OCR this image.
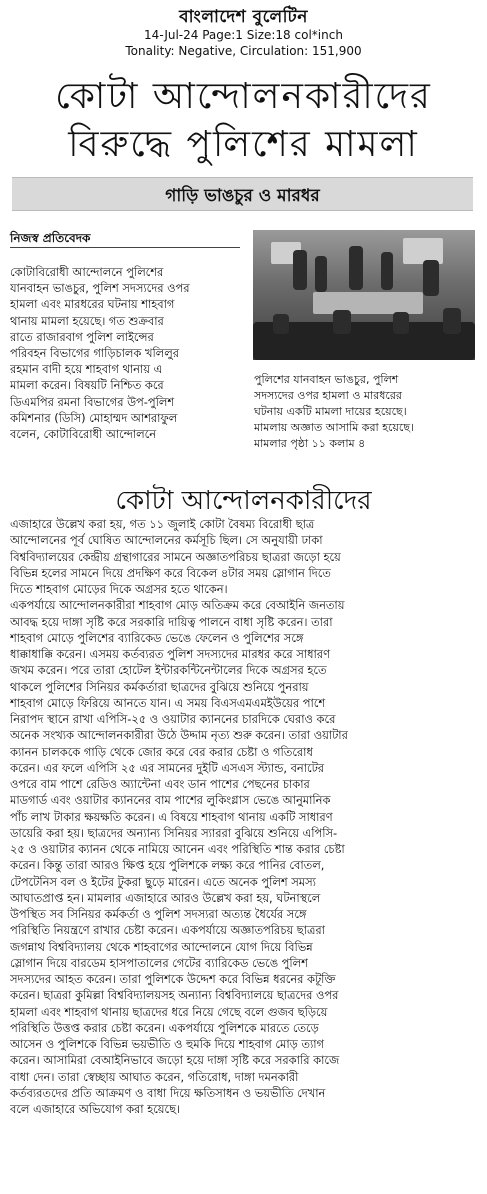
বাংলাদেশ বুলেটিন
14-Jul-24 Page:1 Size:18 col*inch
Tonality: Negative, Circulation: 151,900
কোটা আন্দোলনকারীদের
বিরুদ্ধে পুলিশের মামলা
গাড়ি ভাঙচুর ও মারধর
নিজস্ব প্রতিবেদক
কোটাবিরোধী আন্দোলনে পুলিশের
যানবাহন ভাঙচুর, পুলিশ সদস্যদের ওপর
হামলা এবং মারধরের ঘটনায় শাহবাগ
থানায় মামলা হয়েছে। গত শুক্রবার
রাতে রাজারবাগ পুলিশ লাইন্সের
পরিবহন বিভাগের গাড়িচালক খলিলুর
রহমান বাদী হয়ে শাহবাগ থানায় এ
মামলা করেন। বিষয়টি নিশ্চিত করে
ডিএমপির রমনা বিভাগের উপ-পুলিশ
কমিশনার (ডিসি) মোহাম্মদ আশরাফুল
বলেন, কোটাবিরোধী আন্দোলনে
পুলিশের যানবাহন ভাঙচুর, পুলিশ
সদস্যদের ওপর হামলা ও মারধরের
ঘটনায় একটি মামলা দায়ের হয়েছে।
মামলায় অজ্ঞাত আসামি করা হয়েছে।
মামলার পৃষ্ঠা ১১ কলাম ৪
কোটা আন্দোলনকারীদের
এজাহারে উল্লেখ করা হয়, গত ১১ জুলাই কোটা বৈষম্য বিরোধী ছাত্র
আন্দোলনের পূর্ব ঘোষিত আন্দোলনের কর্মসূচি ছিল। সে অনুযায়ী ঢাকা
বিশ্ববিদ্যালয়ের কেন্দ্রীয় গ্রন্থাগারের সামনে অজ্ঞাতপরিচয় ছাত্ররা জড়ো হয়ে
বিভিন্ন হলের সামনে দিয়ে প্রদক্ষিণ করে বিকেল ৪টার সময় স্লোগান দিতে
দিতে শাহবাগ মোড়ের দিকে অগ্রসর হতে থাকেন।
একপর্যায়ে আন্দোলনকারীরা শাহবাগ মোড় অতিক্রম করে বেআইনি জনতায়
আবদ্ধ হয়ে দাঙ্গা সৃষ্টি করে সরকারি দায়িত্ব পালনে বাধা সৃষ্টি করেন। তারা
শাহবাগ মোড়ে পুলিশের ব্যারিকেড ভেঙে ফেলেন ও পুলিশের সঙ্গে
ধাক্কাধাক্কি করেন। এসময় কর্তব্যরত পুলিশ সদস্যদের মারধর করে সাধারণ
জখম করেন। পরে তারা হোটেল ইন্টারকন্টিনেন্টালের দিকে অগ্রসর হতে
থাকলে পুলিশের সিনিয়র কর্মকর্তারা ছাত্রদের বুঝিয়ে শুনিয়ে পুনরায়
শাহবাগ মোড়ে ফিরিয়ে আনতে যান। এ সময় বিএসএমএমইউয়ের পাশে
নিরাপদ স্থানে রাখা এপিসি-২৫ ও ওয়াটার ক্যাননের চারদিকে ঘেরাও করে
অনেক সংখ্যক আন্দোলনকারীরা উঠে উদ্দাম নৃত্য শুরু করেন। তারা ওয়াটার
ক্যানন চালককে গাড়ি থেকে জোর করে বের করার চেষ্টা ও গতিরোধ
করেন। এর ফলে এপিসি ২৫ এর সামনের দুইটি এসএস স্ট্যান্ড, বনাটের
ওপরে বাম পাশে রেডিও অ্যান্টেনা এবং ডান পাশের পেছনের চাকার
মাডগার্ড এবং ওয়াটার ক্যাননের বাম পাশের লুকিংগ্লাস ভেঙে আনুমানিক
পাঁচ লাখ টাকার ক্ষয়ক্ষতি করেন। এ বিষয়ে শাহবাগ থানায় একটি সাধারণ
ডায়েরি করা হয়। ছাত্রদের অন্যান্য সিনিয়র স্যাররা বুঝিয়ে শুনিয়ে এপিসি-
২৫ ও ওয়াটার ক্যানন থেকে নামিয়ে আনেন এবং পরিস্থিতি শান্ত করার চেষ্টা
করেন। কিন্তু তারা আরও ক্ষিপ্ত হয়ে পুলিশকে লক্ষ্য করে পানির বোতল,
টেপটেনিস বল ও ইটের টুকরা ছুড়ে মারেন। এতে অনেক পুলিশ সমস্য
আঘাতপ্রাপ্ত হন। মামলার এজাহারে আরও উল্লেখ করা হয়, ঘটনাস্থলে
উপস্থিত সব সিনিয়র কর্মকর্তা ও পুলিশ সদস্যরা অত্যন্ত ধৈর্যের সঙ্গে
পরিস্থিতি নিয়ন্ত্রণে রাখার চেষ্টা করেন। একপর্যায়ে অজ্ঞাতপরিচয় ছাত্ররা
জগন্নাথ বিশ্ববিদ্যালয় থেকে শাহবাগের আন্দোলনে যোগ দিয়ে বিভিন্ন
স্লোগান দিয়ে বারডেম হাসপাতালের গেটের ব্যারিকেড ভেঙে পুলিশ
সদস্যদের আহত করেন। তারা পুলিশকে উদ্দেশ করে বিভিন্ন ধরনের কটূক্তি
করেন। ছাত্ররা কুমিল্লা বিশ্ববিদ্যালয়সহ অন্যান্য বিশ্ববিদ্যালয়ে ছাত্রদের ওপর
হামলা এবং শাহবাগ থানায় ছাত্রদের ধরে নিয়ে গেছে বলে গুজব ছড়িয়ে
পরিস্থিতি উত্তপ্ত করার চেষ্টা করেন। একপর্যায়ে পুলিশকে মারতে তেড়ে
আসেন ও পুলিশকে বিভিন্ন ভয়ভীতি ও হুমকি দিয়ে শাহবাগ মোড় ত্যাগ
করেন। আসামিরা বেআইনিভাবে জড়ো হয়ে দাঙ্গা সৃষ্টি করে সরকারি কাজে
বাধা দেন। তারা স্বেচ্ছায় আঘাত করেন, গতিরোধ, দাঙ্গা দমনকারী
কর্তব্যরতদের প্রতি আক্রমণ ও বাধা দিয়ে ক্ষতিসাধন ও ভয়ভীতি দেখান
বলে এজাহারে অভিযোগ করা হয়েছে।
